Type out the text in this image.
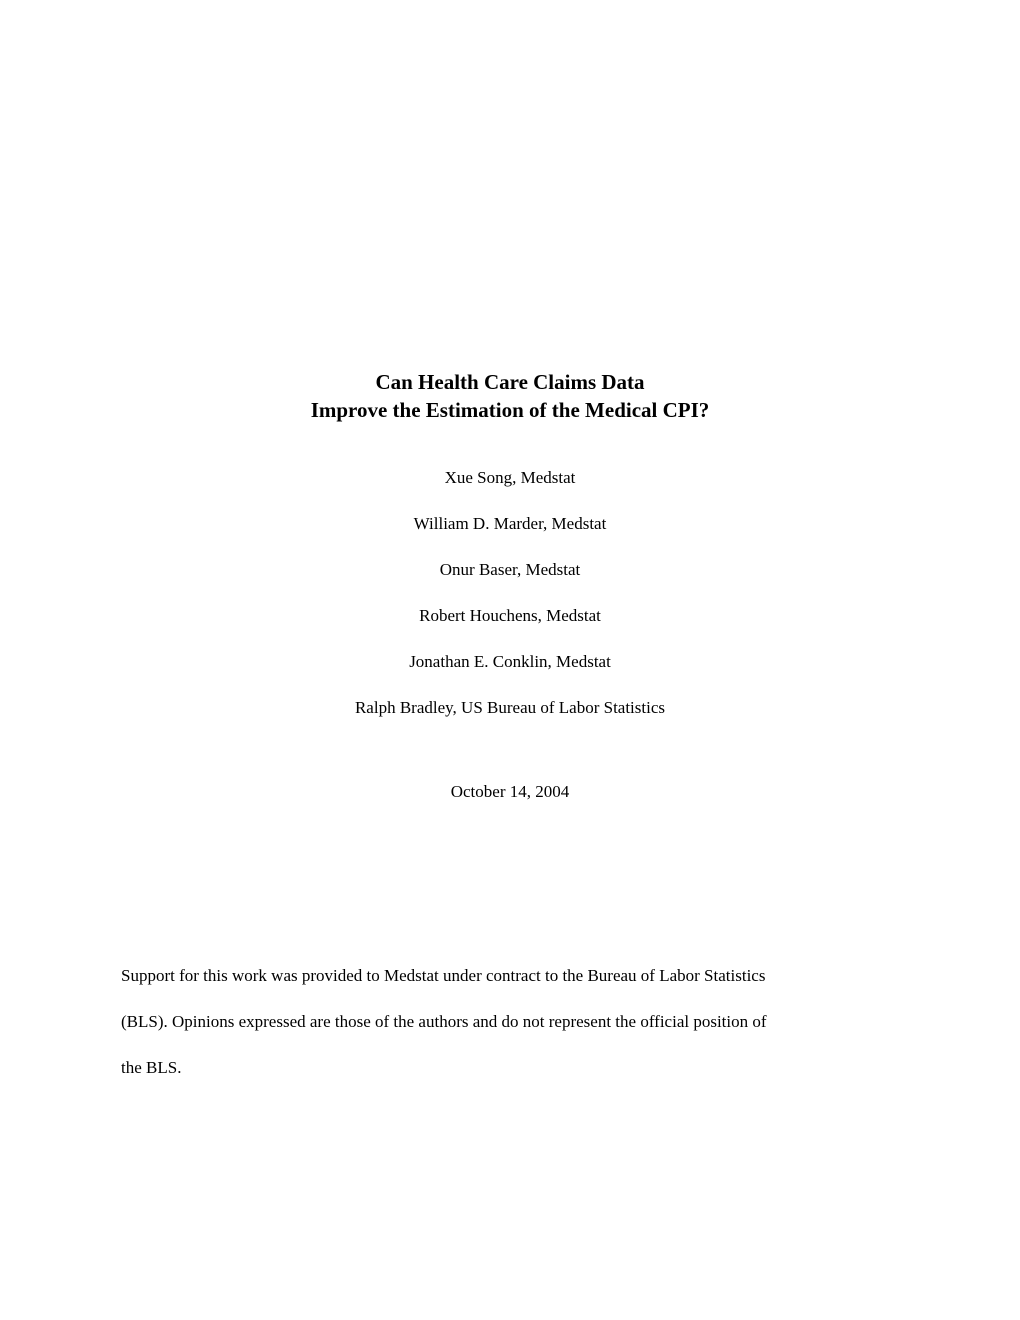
Can Health Care Claims Data
Improve the Estimation of the Medical CPI?
Xue Song, Medstat
William D. Marder, Medstat
Onur Baser, Medstat
Robert Houchens, Medstat
Jonathan E. Conklin, Medstat
Ralph Bradley, US Bureau of Labor Statistics
October 14, 2004
Support for this work was provided to Medstat under contract to the Bureau of Labor Statistics
(BLS). Opinions expressed are those of the authors and do not represent the official position of
the BLS.
